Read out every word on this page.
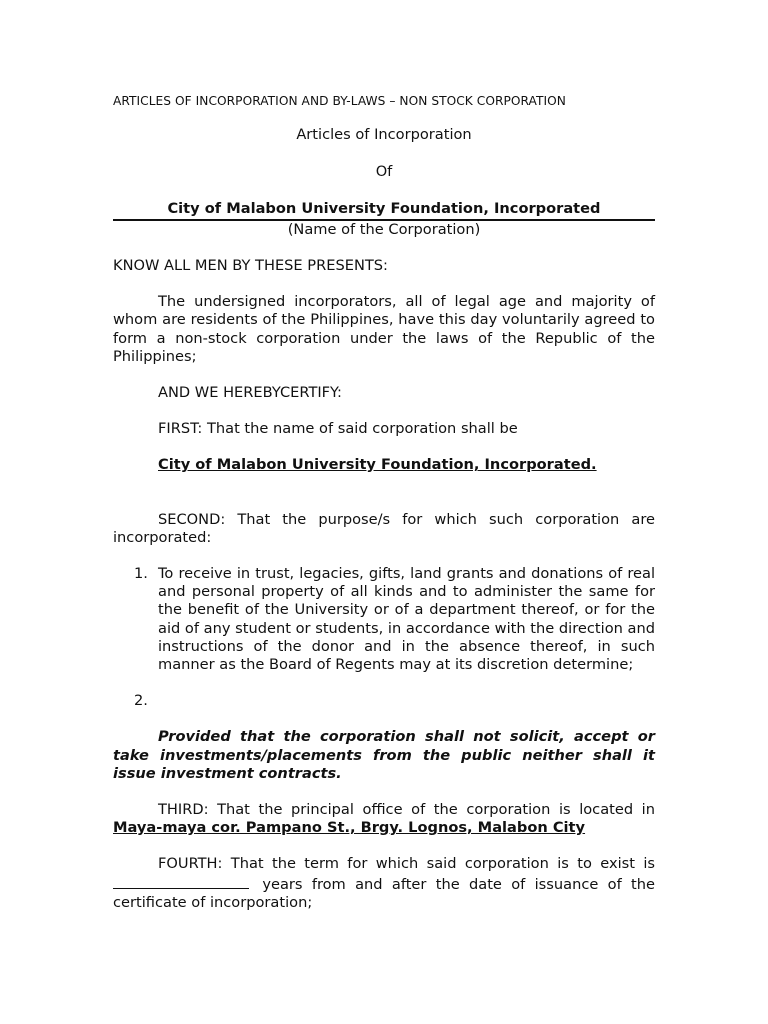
ARTICLES OF INCORPORATION AND BY-LAWS – NON STOCK CORPORATION
Articles of Incorporation
Of
City of Malabon University Foundation, Incorporated
(Name of the Corporation)
KNOW ALL MEN BY THESE PRESENTS:
The undersigned incorporators, all of legal age and majority of whom are residents of the Philippines, have this day voluntarily agreed to form a non-stock corporation under the laws of the Republic of the Philippines;
AND WE HEREBYCERTIFY:
FIRST: That the name of said corporation shall be
City of Malabon University Foundation, Incorporated.
SECOND: That the purpose/s for which such corporation are incorporated:
1. To receive in trust, legacies, gifts, land grants and donations of real and personal property of all kinds and to administer the same for the benefit of the University or of a department thereof, or for the aid of any student or students, in accordance with the direction and instructions of the donor and in the absence thereof, in such manner as the Board of Regents may at its discretion determine;
2.

Provided that the corporation shall not solicit, accept or take investments/placements from the public neither shall it issue investment contracts.
THIRD: That the principal office of the corporation is located in Maya-maya cor. Pampano St., Brgy. Lognos, Malabon City
FOURTH: That the term for which said corporation is to exist is  years from and after the date of issuance of the certificate of incorporation;
